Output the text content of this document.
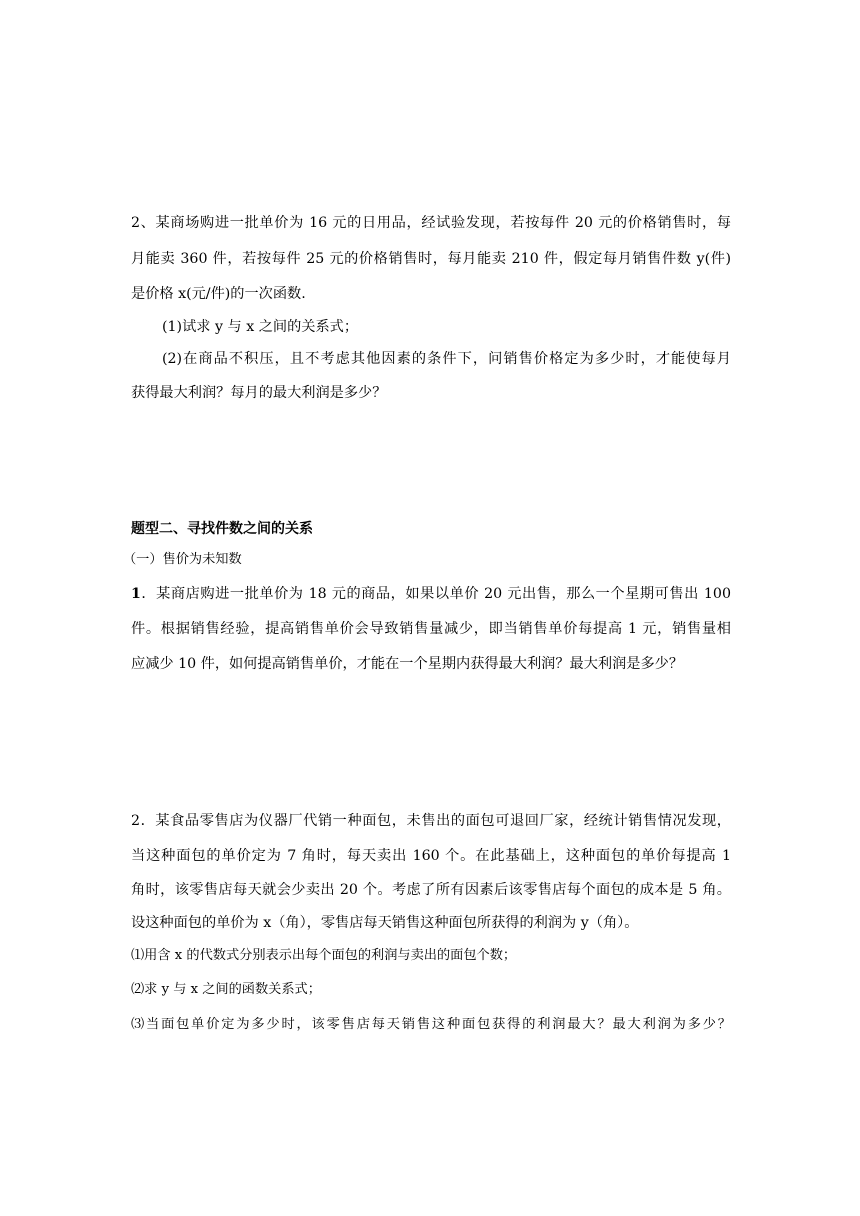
2、某商场购进一批单价为 16 元的日用品，经试验发现，若按每件 20 元的价格销售时，每
月能卖 360 件，若按每件 25 元的价格销售时，每月能卖 210 件，假定每月销售件数 y(件)
是价格 x(元/件)的一次函数.
(1)试求 y 与 x 之间的关系式；
(2)在商品不积压，且不考虑其他因素的条件下，问销售价格定为多少时，才能使每月
获得最大利润？每月的最大利润是多少？
题型二、寻找件数之间的关系
（一）售价为未知数
1．某商店购进一批单价为 18 元的商品，如果以单价 20 元出售，那么一个星期可售出 100
件。根据销售经验，提高销售单价会导致销售量减少，即当销售单价每提高 1 元，销售量相
应减少 10 件，如何提高销售单价，才能在一个星期内获得最大利润？最大利润是多少？
2．某食品零售店为仪器厂代销一种面包，未售出的面包可退回厂家，经统计销售情况发现，
当这种面包的单价定为 7 角时，每天卖出 160 个。在此基础上，这种面包的单价每提高 1
角时，该零售店每天就会少卖出 20 个。考虑了所有因素后该零售店每个面包的成本是 5 角。
设这种面包的单价为 x（角），零售店每天销售这种面包所获得的利润为 y（角）。
⑴用含 x 的代数式分别表示出每个面包的利润与卖出的面包个数；
⑵求 y 与 x 之间的函数关系式；
⑶当面包单价定为多少时，该零售店每天销售这种面包获得的利润最大？最大利润为多少？
